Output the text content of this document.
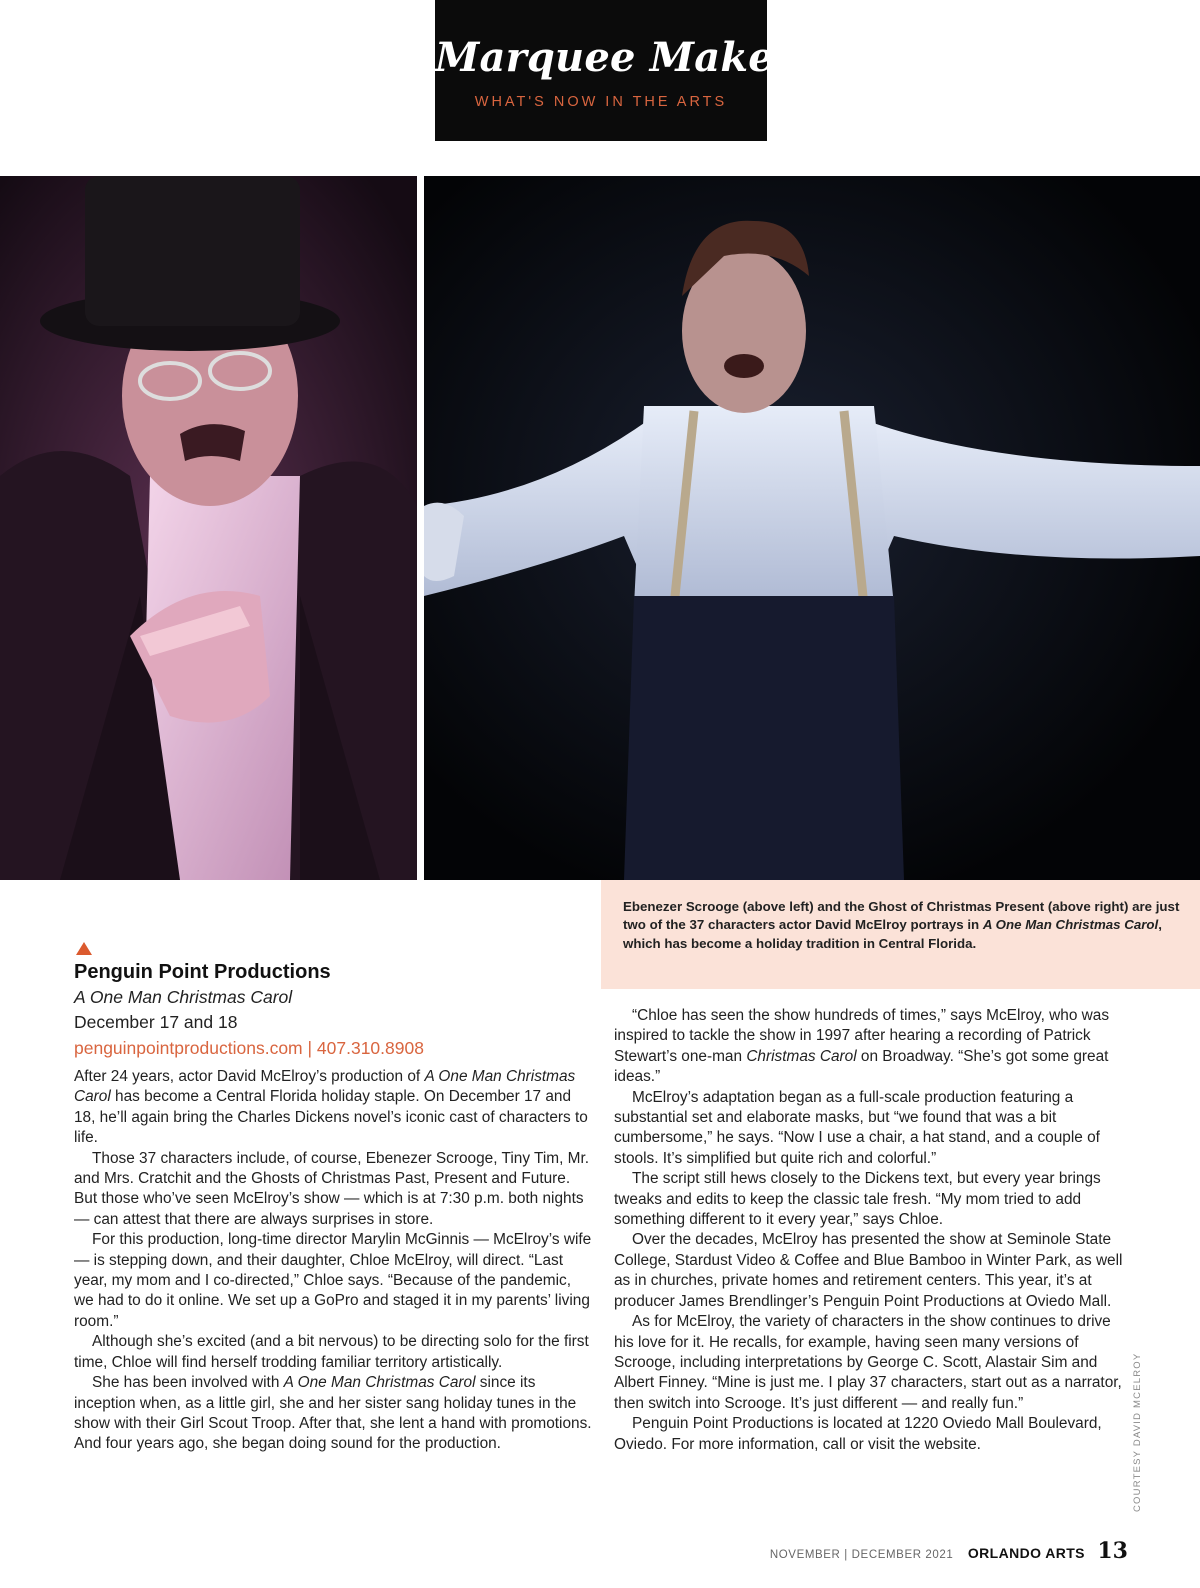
Marquee Makers
WHAT'S NOW IN THE ARTS
Ebenezer Scrooge (above left) and the Ghost of Christmas Present (above right) are just two of the 37 characters actor David McElroy portrays in A One Man Christmas Carol, which has become a holiday tradition in Central Florida.
Penguin Point Productions
A One Man Christmas Carol
December 17 and 18
penguinpointproductions.com | 407.310.8908

After 24 years, actor David McElroy’s production of A One Man Christmas Carol has become a Central Florida holiday staple. On December 17 and 18, he’ll again bring the Charles Dickens novel’s iconic cast of characters to life.

Those 37 characters include, of course, Ebenezer Scrooge, Tiny Tim, Mr. and Mrs. Cratchit and the Ghosts of Christmas Past, Present and Future. But those who’ve seen McElroy’s show — which is at 7:30 p.m. both nights — can attest that there are always surprises in store.

For this production, long-time director Marylin McGinnis — McElroy’s wife — is stepping down, and their daughter, Chloe McElroy, will direct. “Last year, my mom and I co-directed,” Chloe says. “Because of the pandemic, we had to do it online. We set up a GoPro and staged it in my parents’ living room.”

Although she’s excited (and a bit nervous) to be directing solo for the first time, Chloe will find herself trodding familiar territory artistically.

She has been involved with A One Man Christmas Carol since its inception when, as a little girl, she and her sister sang holiday tunes in the show with their Girl Scout Troop. After that, she lent a hand with promotions. And four years ago, she began doing sound for the production.

“Chloe has seen the show hundreds of times,” says McElroy, who was inspired to tackle the show in 1997 after hearing a recording of Patrick Stewart’s one-man Christmas Carol on Broadway. “She’s got some great ideas.”

McElroy’s adaptation began as a full-scale production featuring a substantial set and elaborate masks, but “we found that was a bit cumbersome,” he says. “Now I use a chair, a hat stand, and a couple of stools. It’s simplified but quite rich and colorful.”

The script still hews closely to the Dickens text, but every year brings tweaks and edits to keep the classic tale fresh. “My mom tried to add something different to it every year,” says Chloe.

Over the decades, McElroy has presented the show at Seminole State College, Stardust Video & Coffee and Blue Bamboo in Winter Park, as well as in churches, private homes and retirement centers. This year, it’s at producer James Brendlinger’s Penguin Point Productions at Oviedo Mall.

As for McElroy, the variety of characters in the show continues to drive his love for it. He recalls, for example, having seen many versions of Scrooge, including interpretations by George C. Scott, Alastair Sim and Albert Finney. “Mine is just me. I play 37 characters, start out as a narrator, then switch into Scrooge. It’s just different — and really fun.”

Penguin Point Productions is located at 1220 Oviedo Mall Boulevard, Oviedo. For more information, call or visit the website.	COURTESY DAVID MCELROY
NOVEMBER | DECEMBER 2021 ORLANDO ARTS 13
